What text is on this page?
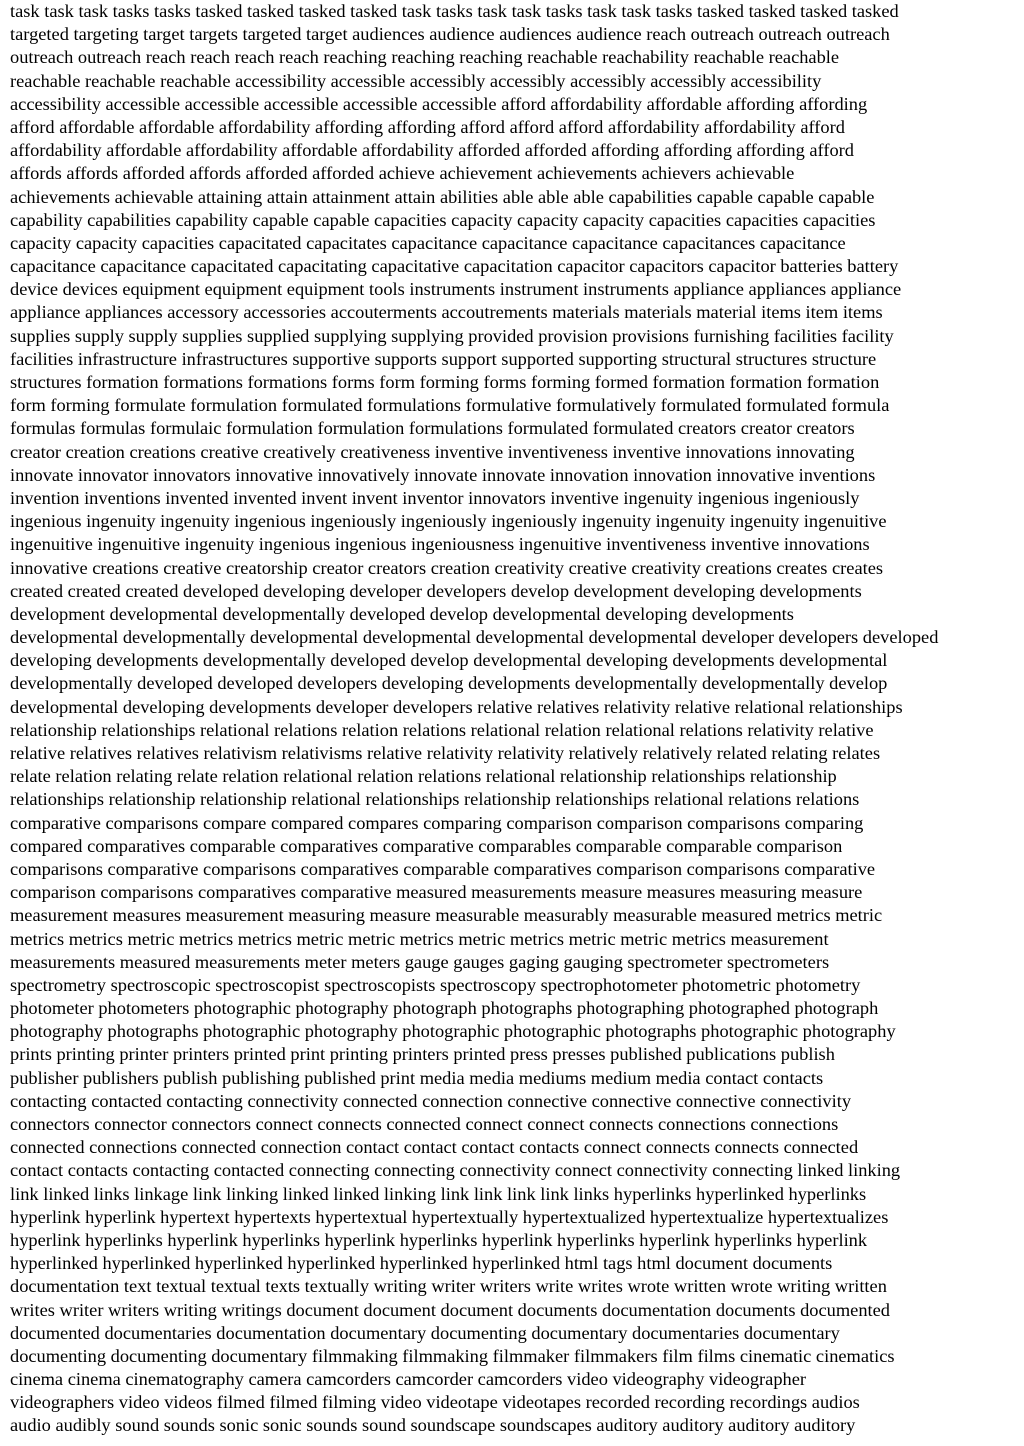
task task task tasks tasks tasked tasked tasked tasked task tasks task task tasks task task tasks tasked tasked tasked tasked
targeted targeting target targets targeted target audiences audience audiences audience reach outreach outreach outreach
outreach outreach reach reach reach reach reaching reaching reaching reachable reachability reachable reachable
reachable reachable reachable accessibility accessible accessibly accessibly accessibly accessibly accessibility
accessibility accessible accessible accessible accessible accessible afford affordability affordable affording affording
afford affordable affordable affordability affording affording afford afford afford affordability affordability afford
affordability affordable affordability affordable affordability afforded afforded affording affording affording afford
affords affords afforded affords afforded afforded achieve achievement achievements achievers achievable
achievements achievable attaining attain attainment attain abilities able able able capabilities capable capable capable
capability capabilities capability capable capable capacities capacity capacity capacity capacities capacities capacities
capacity capacity capacities capacitated capacitates capacitance capacitance capacitance capacitances capacitance
capacitance capacitance capacitated capacitating capacitative capacitation capacitor capacitors capacitor batteries battery
device devices equipment equipment equipment tools instruments instrument instruments appliance appliances appliance
appliance appliances accessory accessories accouterments accoutrements materials materials material items item items
supplies supply supply supplies supplied supplying supplying provided provision provisions furnishing facilities facility
facilities infrastructure infrastructures supportive supports support supported supporting structural structures structure
structures formation formations formations forms form forming forms forming formed formation formation formation
form forming formulate formulation formulated formulations formulative formulatively formulated formulated formula
formulas formulas formulaic formulation formulation formulations formulated formulated creators creator creators
creator creation creations creative creatively creativeness inventive inventiveness inventive innovations innovating
innovate innovator innovators innovative innovatively innovate innovate innovation innovation innovative inventions
invention inventions invented invented invent invent inventor innovators inventive ingenuity ingenious ingeniously
ingenious ingenuity ingenuity ingenious ingeniously ingeniously ingeniously ingenuity ingenuity ingenuity ingenuitive
ingenuitive ingenuitive ingenuity ingenious ingenious ingeniousness ingenuitive inventiveness inventive innovations
innovative creations creative creatorship creator creators creation creativity creative creativity creations creates creates
created created created developed developing developer developers develop development developing developments
development developmental developmentally developed develop developmental developing developments
developmental developmentally developmental developmental developmental developmental developer developers developed
developing developments developmentally developed develop developmental developing developments developmental
developmentally developed developed developers developing developments developmentally developmentally develop
developmental developing developments developer developers relative relatives relativity relative relational relationships
relationship relationships relational relations relation relations relational relation relational relations relativity relative
relative relatives relatives relativism relativisms relative relativity relativity relatively relatively related relating relates
relate relation relating relate relation relational relation relations relational relationship relationships relationship
relationships relationship relationship relational relationships relationship relationships relational relations relations
comparative comparisons compare compared compares comparing comparison comparison comparisons comparing
compared comparatives comparable comparatives comparative comparables comparable comparable comparison
comparisons comparative comparisons comparatives comparable comparatives comparison comparisons comparative
comparison comparisons comparatives comparative measured measurements measure measures measuring measure
measurement measures measurement measuring measure measurable measurably measurable measured metrics metric
metrics metrics metric metrics metrics metric metric metrics metric metrics metric metric metrics measurement
measurements measured measurements meter meters gauge gauges gaging gauging spectrometer spectrometers
spectrometry spectroscopic spectroscopist spectroscopists spectroscopy spectrophotometer photometric photometry
photometer photometers photographic photography photograph photographs photographing photographed photograph
photography photographs photographic photography photographic photographic photographs photographic photography
prints printing printer printers printed print printing printers printed press presses published publications publish
publisher publishers publish publishing published print media media mediums medium media contact contacts
contacting contacted contacting connectivity connected connection connective connective connective connectivity
connectors connector connectors connect connects connected connect connect connects connections connections
connected connections connected connection contact contact contact contacts connect connects connects connected
contact contacts contacting contacted connecting connecting connectivity connect connectivity connecting linked linking
link linked links linkage link linking linked linked linking link link link link links hyperlinks hyperlinked hyperlinks
hyperlink hyperlink hypertext hypertexts hypertextual hypertextually hypertextualized hypertextualize hypertextualizes
hyperlink hyperlinks hyperlink hyperlinks hyperlink hyperlinks hyperlink hyperlinks hyperlink hyperlinks hyperlink
hyperlinked hyperlinked hyperlinked hyperlinked hyperlinked hyperlinked html tags html document documents
documentation text textual textual texts textually writing writer writers write writes wrote written wrote writing written
writes writer writers writing writings document document document documents documentation documents documented
documented documentaries documentation documentary documenting documentary documentaries documentary
documenting documenting documentary filmmaking filmmaking filmmaker filmmakers film films cinematic cinematics
cinema cinema cinematography camera camcorders camcorder camcorders video videography videographer
videographers video videos filmed filmed filming video videotape videotapes recorded recording recordings audios
audio audibly sound sounds sonic sonic sounds sound soundscape soundscapes auditory auditory auditory auditory
